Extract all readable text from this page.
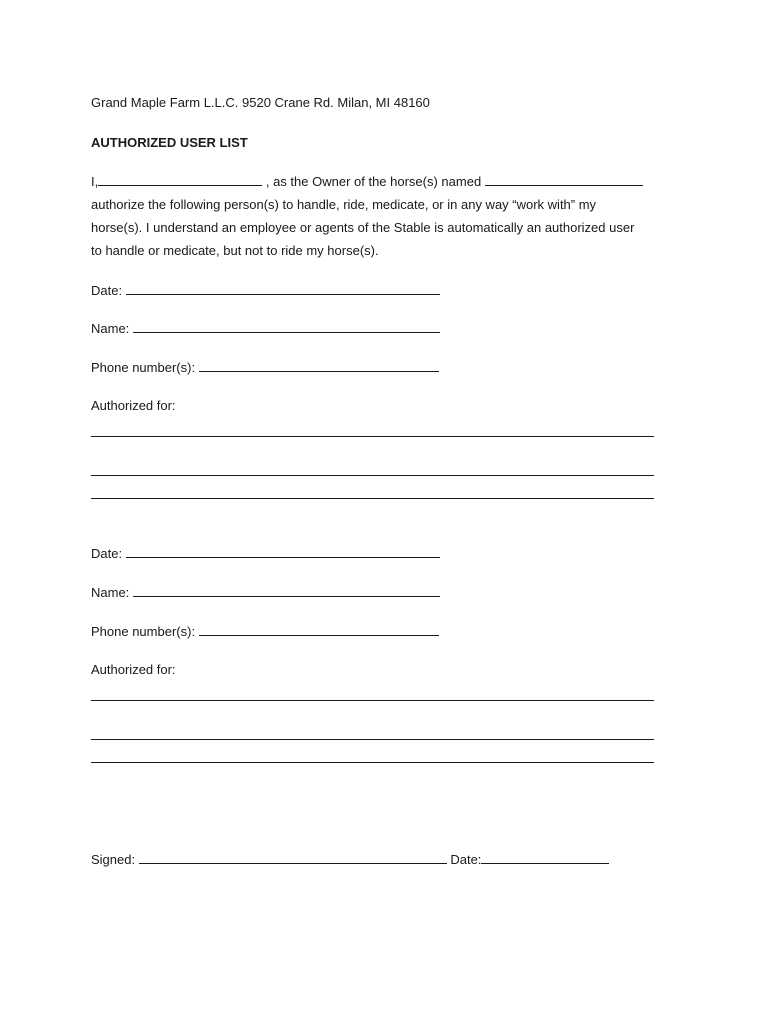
Grand Maple Farm L.L.C. 9520 Crane Rd. Milan, MI 48160
AUTHORIZED USER LIST
I,	, as the Owner of the horse(s) named
authorize the following person(s) to handle, ride, medicate, or in any way “work with” my
horse(s). I understand an employee or agents of the Stable is automatically an authorized user
to handle or medicate, but not to ride my horse(s).
Date:
Name:
Phone number(s):
Authorized for:
Date:
Name:
Phone number(s):
Authorized for:
Signed:	Date:
